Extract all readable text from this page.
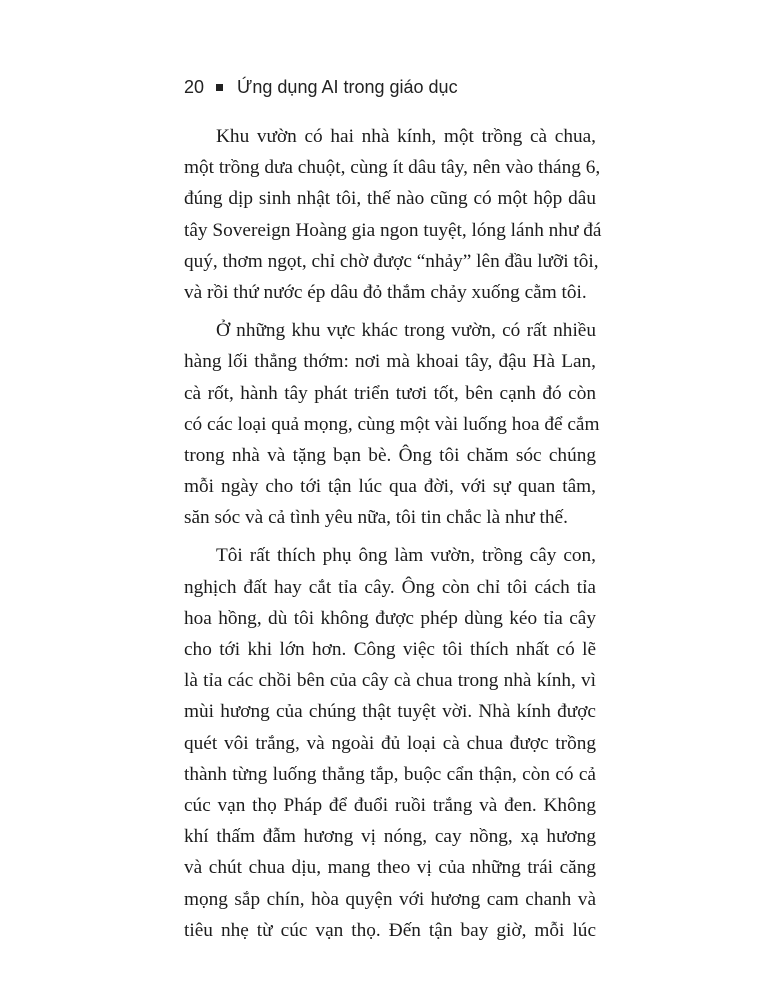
20 Ứng dụng AI trong giáo dục

Khu vườn có hai nhà kính, một trồng cà chua,
một trồng dưa chuột, cùng ít dâu tây, nên vào tháng 6,
đúng dịp sinh nhật tôi, thế nào cũng có một hộp dâu
tây Sovereign Hoàng gia ngon tuyệt, lóng lánh như đá
quý, thơm ngọt, chỉ chờ được “nhảy” lên đầu lưỡi tôi,
và rồi thứ nước ép dâu đỏ thắm chảy xuống cằm tôi.

Ở những khu vực khác trong vườn, có rất nhiều
hàng lối thẳng thớm: nơi mà khoai tây, đậu Hà Lan,
cà rốt, hành tây phát triển tươi tốt, bên cạnh đó còn
có các loại quả mọng, cùng một vài luống hoa để cắm
trong nhà và tặng bạn bè. Ông tôi chăm sóc chúng
mỗi ngày cho tới tận lúc qua đời, với sự quan tâm,
săn sóc và cả tình yêu nữa, tôi tin chắc là như thế.

Tôi rất thích phụ ông làm vườn, trồng cây con,
nghịch đất hay cắt tỉa cây. Ông còn chỉ tôi cách tỉa
hoa hồng, dù tôi không được phép dùng kéo tỉa cây
cho tới khi lớn hơn. Công việc tôi thích nhất có lẽ
là tỉa các chồi bên của cây cà chua trong nhà kính, vì
mùi hương của chúng thật tuyệt vời. Nhà kính được
quét vôi trắng, và ngoài đủ loại cà chua được trồng
thành từng luống thẳng tắp, buộc cẩn thận, còn có cả
cúc vạn thọ Pháp để đuổi ruồi trắng và đen. Không
khí thấm đẫm hương vị nóng, cay nồng, xạ hương
và chút chua dịu, mang theo vị của những trái căng
mọng sắp chín, hòa quyện với hương cam chanh và
tiêu nhẹ từ cúc vạn thọ. Đến tận bay giờ, mỗi lúc
